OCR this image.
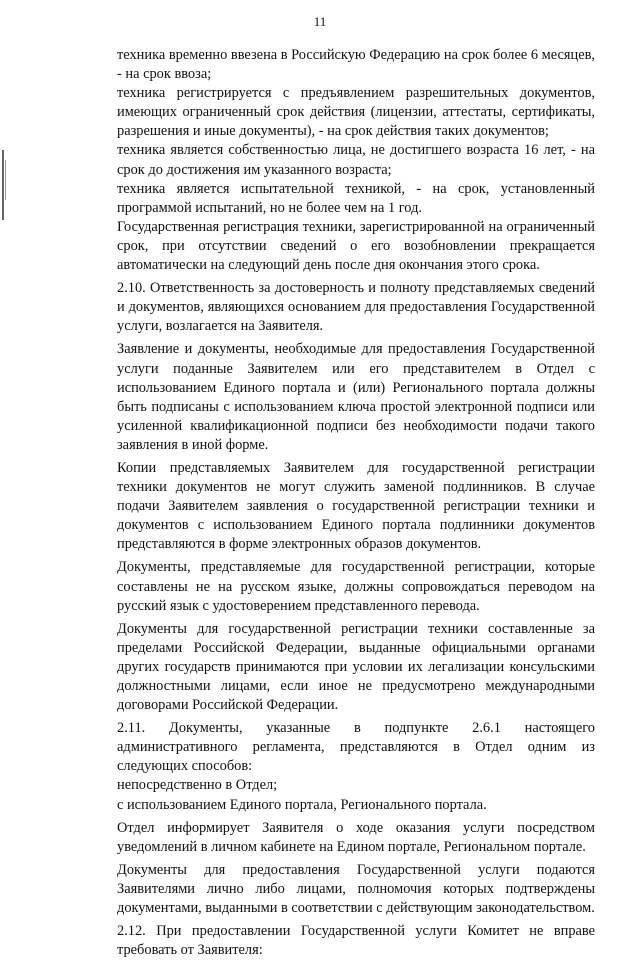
11

техника временно ввезена в Российскую Федерацию на срок более 6 месяцев, - на срок ввоза;

техника регистрируется с предъявлением разрешительных документов, имеющих ограниченный срок действия (лицензии, аттестаты, сертификаты, разрешения и иные документы), - на срок действия таких документов;

техника является собственностью лица, не достигшего возраста 16 лет, - на срок до достижения им указанного возраста;

техника является испытательной техникой, - на срок, установленный программой испытаний, но не более чем на 1 год.

Государственная регистрация техники, зарегистрированной на ограниченный срок, при отсутствии сведений о его возобновлении прекращается автоматически на следующий день после дня окончания этого срока.

2.10. Ответственность за достоверность и полноту представляемых сведений и документов, являющихся основанием для предоставления Государственной услуги, возлагается на Заявителя.

Заявление и документы, необходимые для предоставления Государственной услуги поданные Заявителем или его представителем в Отдел с использованием Единого портала и (или) Регионального портала должны быть подписаны с использованием ключа простой электронной подписи или усиленной квалификационной подписи без необходимости подачи такого заявления в иной форме.

Копии представляемых Заявителем для государственной регистрации техники документов не могут служить заменой подлинников. В случае подачи Заявителем заявления о государственной регистрации техники и документов с использованием Единого портала подлинники документов представляются в форме электронных образов документов.

Документы, представляемые для государственной регистрации, которые составлены не на русском языке, должны сопровождаться переводом на русский язык с удостоверением представленного перевода.

Документы для государственной регистрации техники составленные за пределами Российской Федерации, выданные официальными органами других государств принимаются при условии их легализации консульскими должностными лицами, если иное не предусмотрено международными договорами Российской Федерации.

2.11. Документы, указанные в подпункте 2.6.1 настоящего административного регламента, представляются в Отдел одним из следующих способов:

непосредственно в Отдел;

с использованием Единого портала, Регионального портала.

Отдел информирует Заявителя о ходе оказания услуги посредством уведомлений в личном кабинете на Едином портале, Региональном портале.

Документы для предоставления Государственной услуги подаются Заявителями лично либо лицами, полномочия которых подтверждены документами, выданными в соответствии с действующим законодательством.

2.12. При предоставлении Государственной услуги Комитет не вправе требовать от Заявителя:
